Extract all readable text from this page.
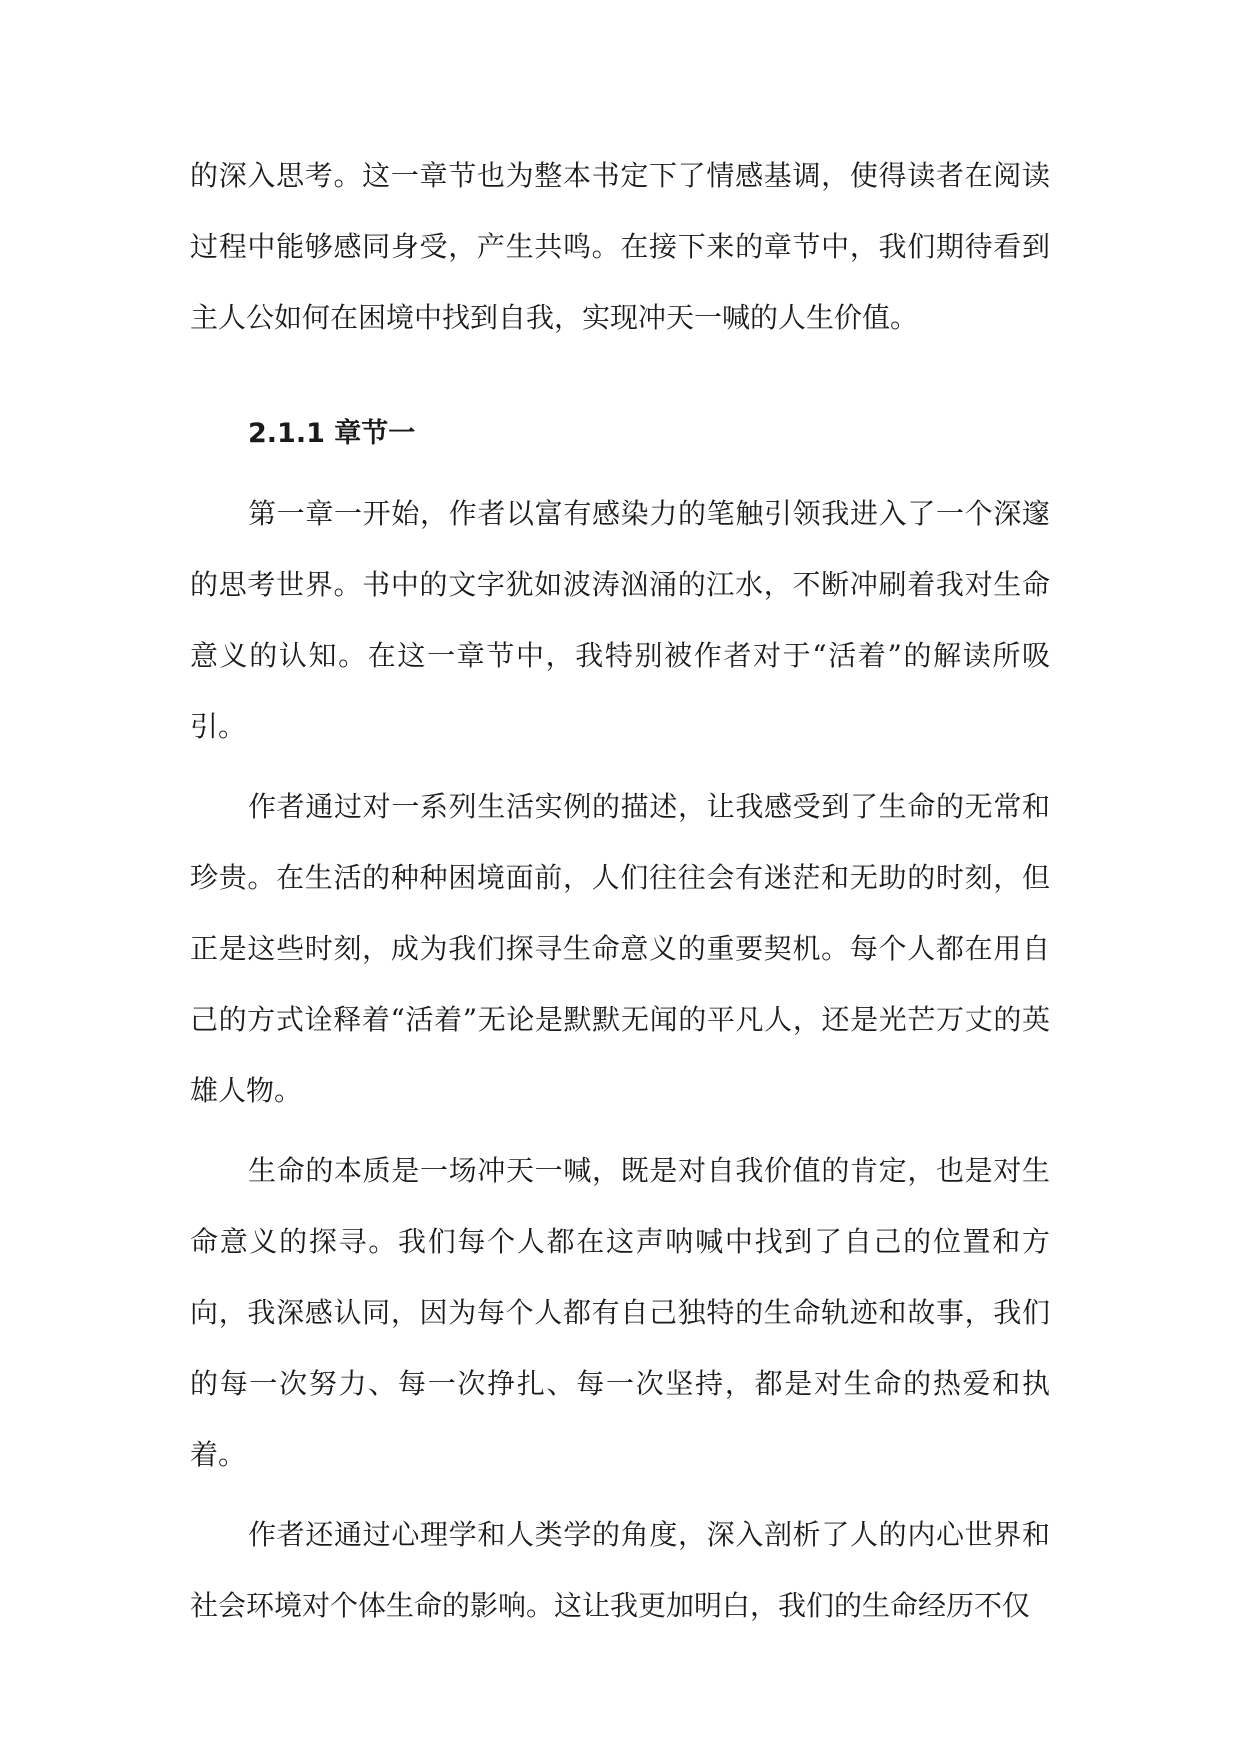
的深入思考。这一章节也为整本书定下了情感基调，使得读者在阅读过程中能够感同身受，产生共鸣。在接下来的章节中，我们期待看到主人公如何在困境中找到自我，实现冲天一喊的人生价值。

2.1.1 章节一

第一章一开始，作者以富有感染力的笔触引领我进入了一个深邃的思考世界。书中的文字犹如波涛汹涌的江水，不断冲刷着我对生命意义的认知。在这一章节中，我特别被作者对于“活着”的解读所吸引。

作者通过对一系列生活实例的描述，让我感受到了生命的无常和珍贵。在生活的种种困境面前，人们往往会有迷茫和无助的时刻，但正是这些时刻，成为我们探寻生命意义的重要契机。每个人都在用自己的方式诠释着“活着”无论是默默无闻的平凡人，还是光芒万丈的英雄人物。

生命的本质是一场冲天一喊，既是对自我价值的肯定，也是对生命意义的探寻。我们每个人都在这声呐喊中找到了自己的位置和方向，我深感认同，因为每个人都有自己独特的生命轨迹和故事，我们的每一次努力、每一次挣扎、每一次坚持，都是对生命的热爱和执着。

作者还通过心理学和人类学的角度，深入剖析了人的内心世界和社会环境对个体生命的影响。这让我更加明白，我们的生命经历不仅
